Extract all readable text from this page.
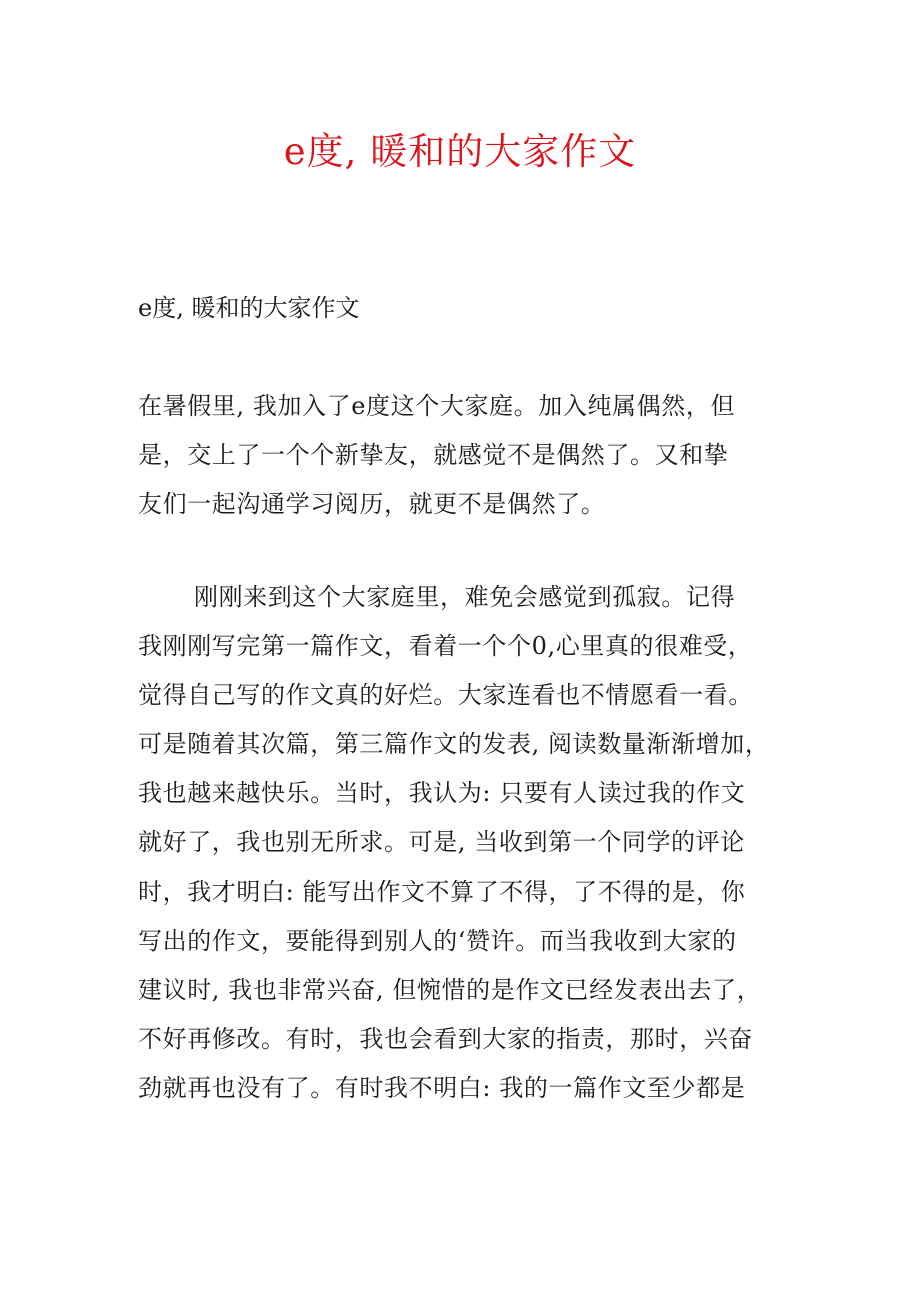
e度, 暖和的大家作文

e度, 暖和的大家作文

在暑假里, 我加入了e度这个大家庭。加入纯属偶然，但
是，交上了一个个新挚友，就感觉不是偶然了。又和挚
友们一起沟通学习阅历，就更不是偶然了。
刚刚来到这个大家庭里，难免会感觉到孤寂。记得
我刚刚写完第一篇作文，看着一个个0,心里真的很难受，
觉得自己写的作文真的好烂。大家连看也不情愿看一看。
可是随着其次篇，第三篇作文的发表, 阅读数量渐渐增加，
我也越来越快乐。当时，我认为: 只要有人读过我的作文
就好了，我也别无所求。可是, 当收到第一个同学的评论
时，我才明白: 能写出作文不算了不得，了不得的是，你
写出的作文，要能得到别人的‘赞许。而当我收到大家的
建议时, 我也非常兴奋, 但惋惜的是作文已经发表出去了，
不好再修改。有时，我也会看到大家的指责，那时，兴奋
劲就再也没有了。有时我不明白: 我的一篇作文至少都是
